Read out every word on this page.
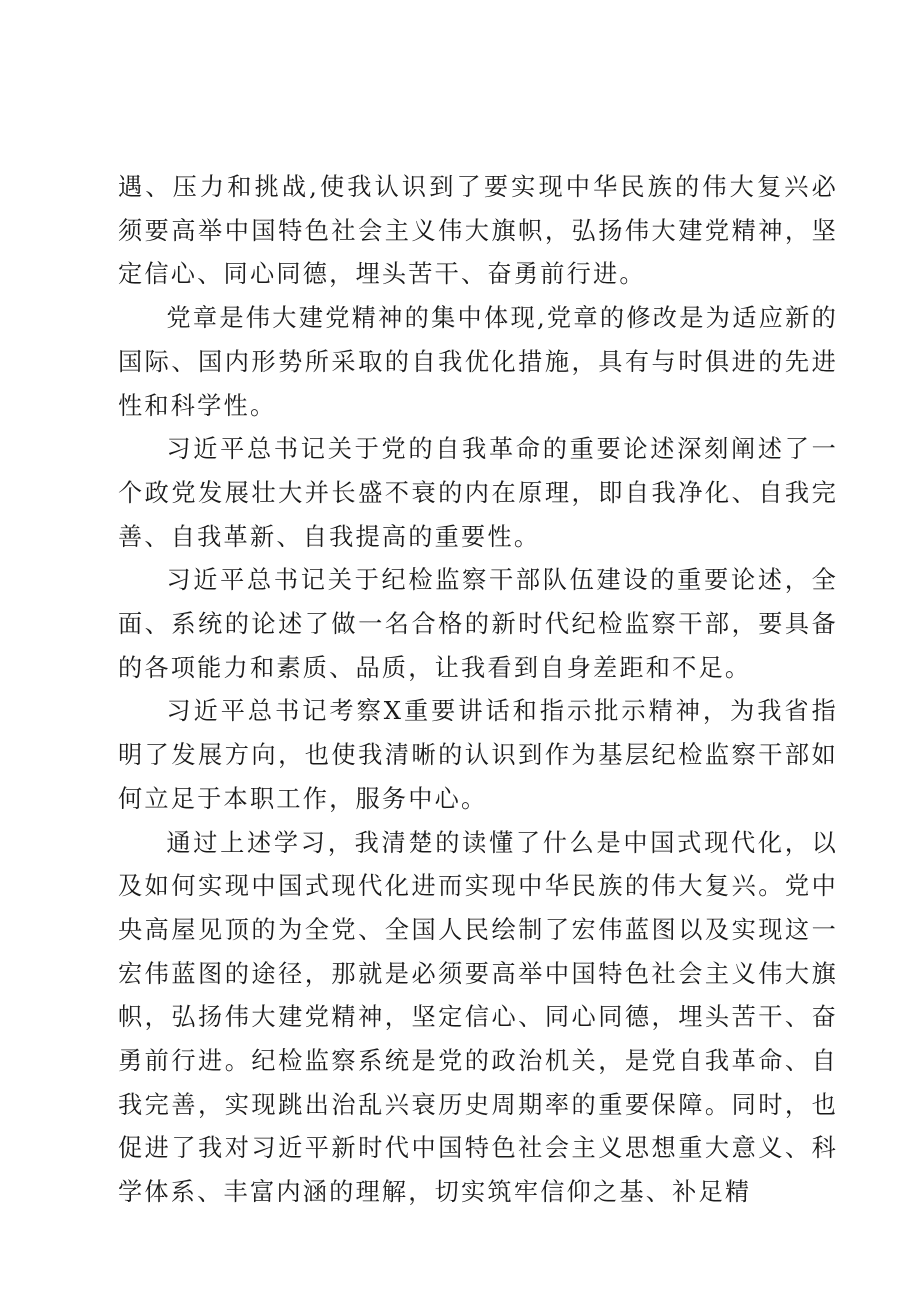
遇、压力和挑战,使我认识到了要实现中华民族的伟大复兴必须要高举中国特色社会主义伟大旗帜，弘扬伟大建党精神，坚定信心、同心同德，埋头苦干、奋勇前行进。

党章是伟大建党精神的集中体现,党章的修改是为适应新的国际、国内形势所采取的自我优化措施，具有与时俱进的先进性和科学性。

习近平总书记关于党的自我革命的重要论述深刻阐述了一个政党发展壮大并长盛不衰的内在原理，即自我净化、自我完善、自我革新、自我提高的重要性。

习近平总书记关于纪检监察干部队伍建设的重要论述，全面、系统的论述了做一名合格的新时代纪检监察干部，要具备的各项能力和素质、品质，让我看到自身差距和不足。

习近平总书记考察X重要讲话和指示批示精神，为我省指明了发展方向，也使我清晰的认识到作为基层纪检监察干部如何立足于本职工作，服务中心。

通过上述学习，我清楚的读懂了什么是中国式现代化，以及如何实现中国式现代化进而实现中华民族的伟大复兴。党中央高屋见顶的为全党、全国人民绘制了宏伟蓝图以及实现这一宏伟蓝图的途径，那就是必须要高举中国特色社会主义伟大旗帜，弘扬伟大建党精神，坚定信心、同心同德，埋头苦干、奋勇前行进。纪检监察系统是党的政治机关，是党自我革命、自我完善，实现跳出治乱兴衰历史周期率的重要保障。同时，也促进了我对习近平新时代中国特色社会主义思想重大意义、科学体系、丰富内涵的理解，切实筑牢信仰之基、补足精
